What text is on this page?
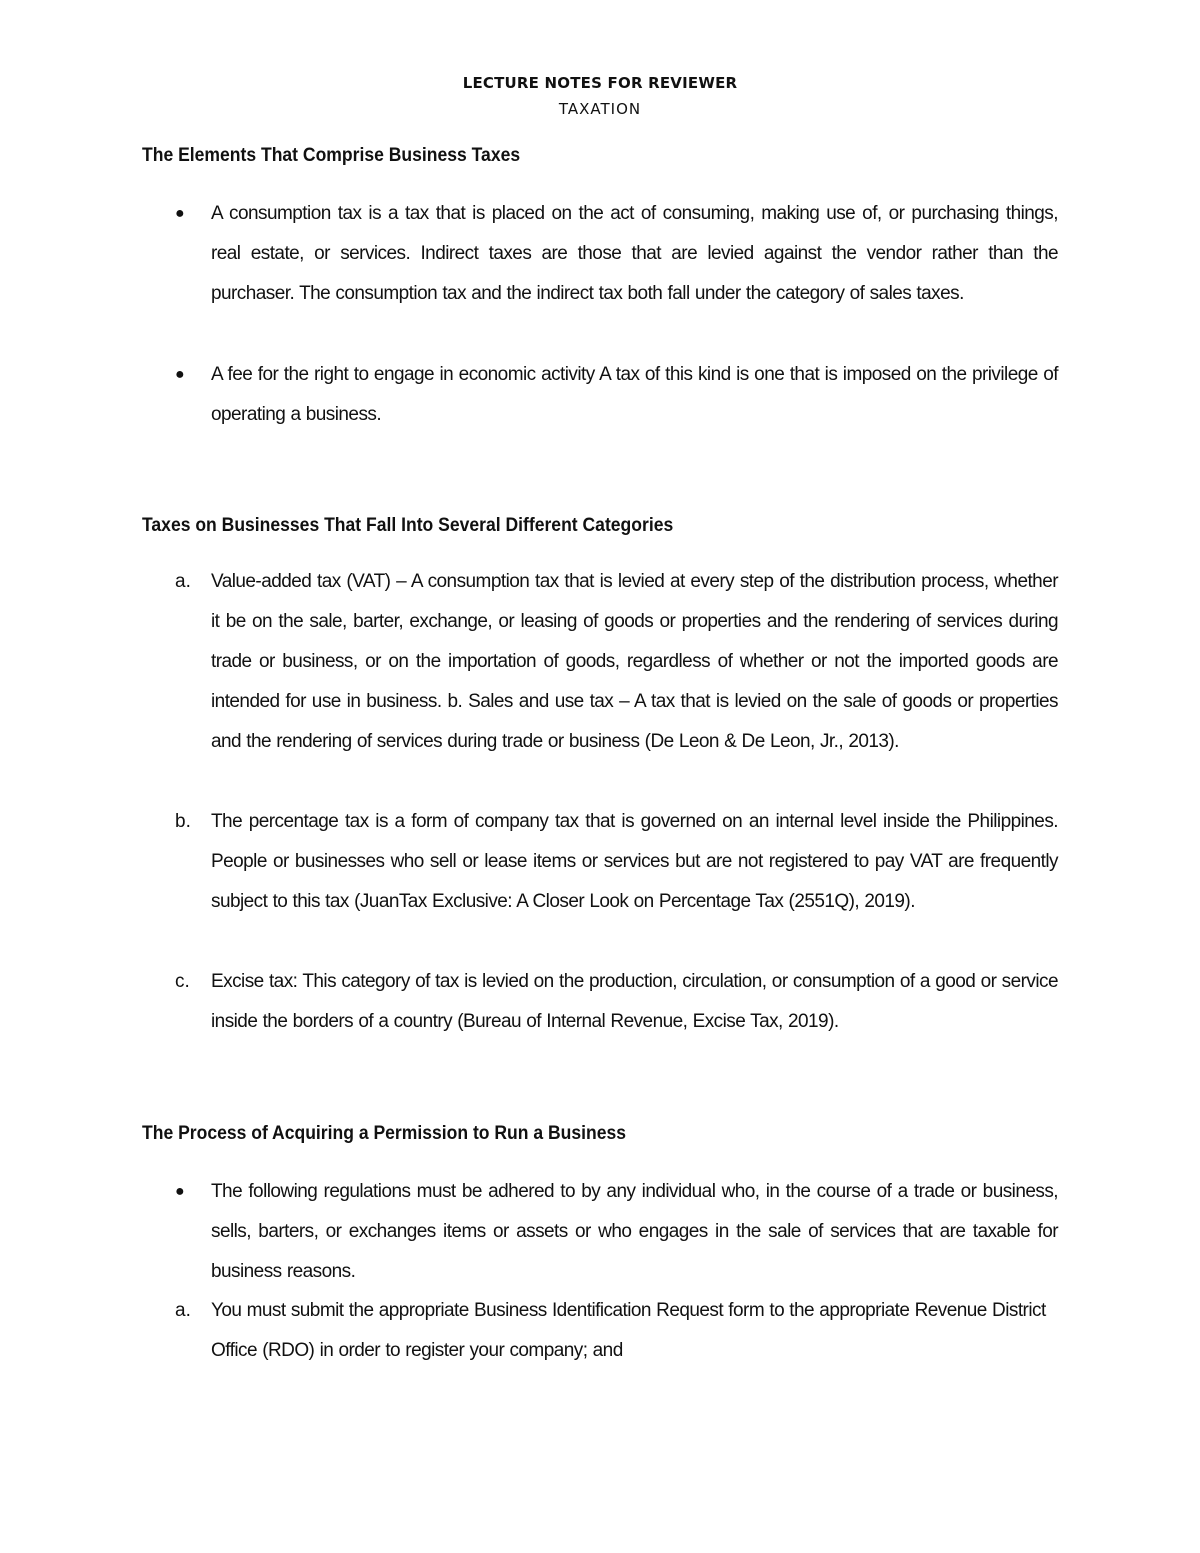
LECTURE NOTES FOR REVIEWER
TAXATION
The Elements That Comprise Business Taxes
●	A consumption tax is a tax that is placed on the act of consuming, making use of, or purchasing things, real estate, or services. Indirect taxes are those that are levied against the vendor rather than the purchaser. The consumption tax and the indirect tax both fall under the category of sales taxes.
●	A fee for the right to engage in economic activity A tax of this kind is one that is imposed on the privilege of operating a business.
Taxes on Businesses That Fall Into Several Different Categories
a.	Value-added tax (VAT) – A consumption tax that is levied at every step of the distribution process, whether it be on the sale, barter, exchange, or leasing of goods or properties and the rendering of services during trade or business, or on the importation of goods, regardless of whether or not the imported goods are intended for use in business. b. Sales and use tax – A tax that is levied on the sale of goods or properties and the rendering of services during trade or business (De Leon & De Leon, Jr., 2013).
b.	The percentage tax is a form of company tax that is governed on an internal level inside the Philippines. People or businesses who sell or lease items or services but are not registered to pay VAT are frequently subject to this tax (JuanTax Exclusive: A Closer Look on Percentage Tax (2551Q), 2019).
c.	Excise tax: This category of tax is levied on the production, circulation, or consumption of a good or service inside the borders of a country (Bureau of Internal Revenue, Excise Tax, 2019).
The Process of Acquiring a Permission to Run a Business
●	The following regulations must be adhered to by any individual who, in the course of a trade or business, sells, barters, or exchanges items or assets or who engages in the sale of services that are taxable for business reasons.
a.	You must submit the appropriate Business Identification Request form to the appropriate Revenue District Office (RDO) in order to register your company; and
